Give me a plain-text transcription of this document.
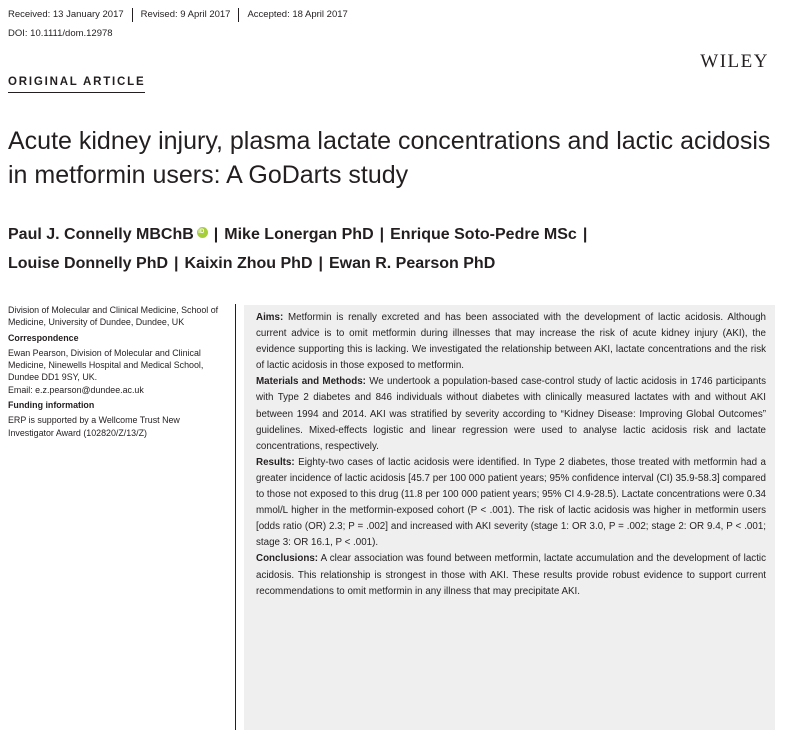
Received: 13 January 2017	Revised: 9 April 2017	Accepted: 18 April 2017
DOI: 10.1111/dom.12978
WILEY
ORIGINAL ARTICLE
Acute kidney injury, plasma lactate concentrations and lactic acidosis in metformin users: A GoDarts study
Paul J. Connelly MBChBiD | Mike Lonergan PhD | Enrique Soto-Pedre MSc |
Louise Donnelly PhD | Kaixin Zhou PhD | Ewan R. Pearson PhD

Division of Molecular and Clinical Medicine, School of Medicine, University of Dundee, Dundee, UK

Correspondence

Ewan Pearson, Division of Molecular and Clinical Medicine, Ninewells Hospital and Medical School, Dundee DD1 9SY, UK.
Email: e.z.pearson@dundee.ac.uk

Funding information

ERP is supported by a Wellcome Trust New Investigator Award (102820/Z/13/Z)

Aims: Metformin is renally excreted and has been associated with the development of lactic acidosis. Although current advice is to omit metformin during illnesses that may increase the risk of acute kidney injury (AKI), the evidence supporting this is lacking. We investigated the relationship between AKI, lactate concentrations and the risk of lactic acidosis in those exposed to metformin.

Materials and Methods: We undertook a population-based case-control study of lactic acidosis in 1746 participants with Type 2 diabetes and 846 individuals without diabetes with clinically measured lactates with and without AKI between 1994 and 2014. AKI was stratified by severity according to “Kidney Disease: Improving Global Outcomes” guidelines. Mixed-effects logistic and linear regression were used to analyse lactic acidosis risk and lactate concentrations, respectively.

Results: Eighty-two cases of lactic acidosis were identified. In Type 2 diabetes, those treated with metformin had a greater incidence of lactic acidosis [45.7 per 100 000 patient years; 95% confidence interval (CI) 35.9-58.3] compared to those not exposed to this drug (11.8 per 100 000 patient years; 95% CI 4.9-28.5). Lactate concentrations were 0.34 mmol/L higher in the metformin-exposed cohort (P < .001). The risk of lactic acidosis was higher in metformin users [odds ratio (OR) 2.3; P = .002] and increased with AKI severity (stage 1: OR 3.0, P = .002; stage 2: OR 9.4, P < .001; stage 3: OR 16.1, P < .001).

Conclusions: A clear association was found between metformin, lactate accumulation and the development of lactic acidosis. This relationship is strongest in those with AKI. These results provide robust evidence to support current recommendations to omit metformin in any illness that may precipitate AKI.
